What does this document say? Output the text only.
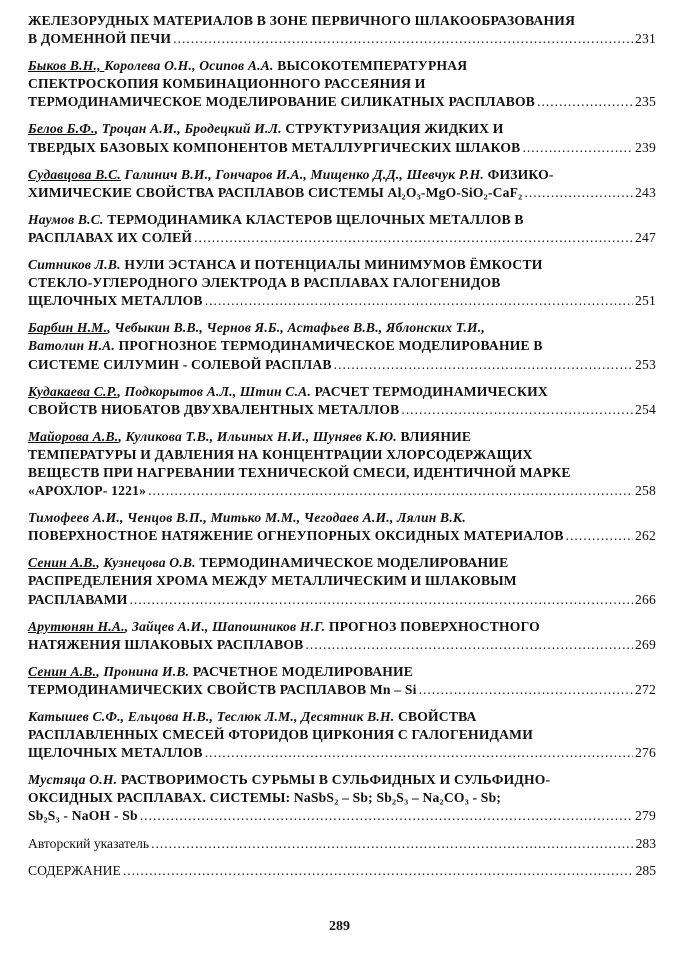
ЖЕЛЕЗОРУДНЫХ МАТЕРИАЛОВ В ЗОНЕ ПЕРВИЧНОГО ШЛАКООБРАЗОВАНИЯ
В ДОМЕННОЙ ПЕЧИ .....	231
Быков В.Н., Королева О.Н., Осипов А.А. ВЫСОКОТЕМПЕРАТУРНАЯ
СПЕКТРОСКОПИЯ КОМБИНАЦИОННОГО РАССЕЯНИЯ И
ТЕРМОДИНАМИЧЕСКОЕ МОДЕЛИРОВАНИЕ СИЛИКАТНЫХ РАСПЛАВОВ .....	235
Белов Б.Ф., Троцан А.И., Бродецкий И.Л. СТРУКТУРИЗАЦИЯ ЖИДКИХ И
ТВЕРДЫХ БАЗОВЫХ КОМПОНЕНТОВ МЕТАЛЛУРГИЧЕСКИХ ШЛАКОВ .....	239
Судавцова В.С. Галинич В.И., Гончаров И.А., Мищенко Д.Д., Шевчук Р.Н. ФИЗИКО-
ХИМИЧЕСКИЕ СВОЙСТВА РАСПЛАВОВ СИСТЕМЫ Al₂O₃-MgO-SiO₂-CaF₂ .....	243
Наумов В.С. ТЕРМОДИНАМИКА КЛАСТЕРОВ ЩЕЛОЧНЫХ МЕТАЛЛОВ В
РАСПЛАВАХ ИХ СОЛЕЙ .....	247
Ситников Л.В. НУЛИ ЭСТАНСА И ПОТЕНЦИАЛЫ МИНИМУМОВ ЁМКОСТИ
СТЕКЛО-УГЛЕРОДНОГО ЭЛЕКТРОДА В РАСПЛАВАХ ГАЛОГЕНИДОВ
ЩЕЛОЧНЫХ МЕТАЛЛОВ .....	251
Барбин Н.М., Чебыкин В.В., Чернов Я.Б., Астафьев В.В., Яблонских Т.И.,
Ватолин Н.А. ПРОГНОЗНОЕ ТЕРМОДИНАМИЧЕСКОЕ МОДЕЛИРОВАНИЕ В
СИСТЕМЕ СИЛУМИН - СОЛЕВОЙ РАСПЛАВ .....	253
Кудакаева С.Р., Подкорытов А.Л., Штин С.А. РАСЧЕТ ТЕРМОДИНАМИЧЕСКИХ
СВОЙСТВ НИОБАТОВ ДВУХВАЛЕНТНЫХ МЕТАЛЛОВ .....	254
Майорова А.В., Куликова Т.В., Ильиных Н.И., Шуняев К.Ю. ВЛИЯНИЕ
ТЕМПЕРАТУРЫ И ДАВЛЕНИЯ НА КОНЦЕНТРАЦИИ ХЛОРСОДЕРЖАЩИХ
ВЕЩЕСТВ ПРИ НАГРЕВАНИИ ТЕХНИЧЕСКОЙ СМЕСИ, ИДЕНТИЧНОЙ МАРКЕ
«АРОХЛОР- 1221» .....	258
Тимофеев А.И., Ченцов В.П., Митько М.М., Чегодаев А.И., Лялин В.К.
ПОВЕРХНОСТНОЕ НАТЯЖЕНИЕ ОГНЕУПОРНЫХ ОКСИДНЫХ МАТЕРИАЛОВ .....	262
Сенин А.В., Кузнецова О.В. ТЕРМОДИНАМИЧЕСКОЕ МОДЕЛИРОВАНИЕ
РАСПРЕДЕЛЕНИЯ ХРОМА МЕЖДУ МЕТАЛЛИЧЕСКИМ И ШЛАКОВЫМ
РАСПЛАВАМИ .....	266
Арутюнян Н.А., Зайцев А.И., Шапошников Н.Г. ПРОГНОЗ ПОВЕРХНОСТНОГО
НАТЯЖЕНИЯ ШЛАКОВЫХ РАСПЛАВОВ .....	269
Сенин А.В., Пронина И.В. РАСЧЕТНОЕ МОДЕЛИРОВАНИЕ
ТЕРМОДИНАМИЧЕСКИХ СВОЙСТВ РАСПЛАВОВ Mn – Si .....	272
Катышев С.Ф., Ельцова Н.В., Теслюк Л.М., Десятник В.Н. СВОЙСТВА
РАСПЛАВЛЕННЫХ СМЕСЕЙ ФТОРИДОВ ЦИРКОНИЯ С ГАЛОГЕНИДАМИ
ЩЕЛОЧНЫХ МЕТАЛЛОВ .....	276
Мустяца О.Н. РАСТВОРИМОСТЬ СУРЬМЫ В СУЛЬФИДНЫХ И СУЛЬФИДНО-
ОКСИДНЫХ РАСПЛАВАХ. СИСТЕМЫ: NaSbS₂ – Sb; Sb₂S₃ – Na₂CO₃ - Sb;
Sb₂S₃ - NaOH - Sb .....	279
Авторский указатель .....	283
СОДЕРЖАНИЕ .....	285
289
